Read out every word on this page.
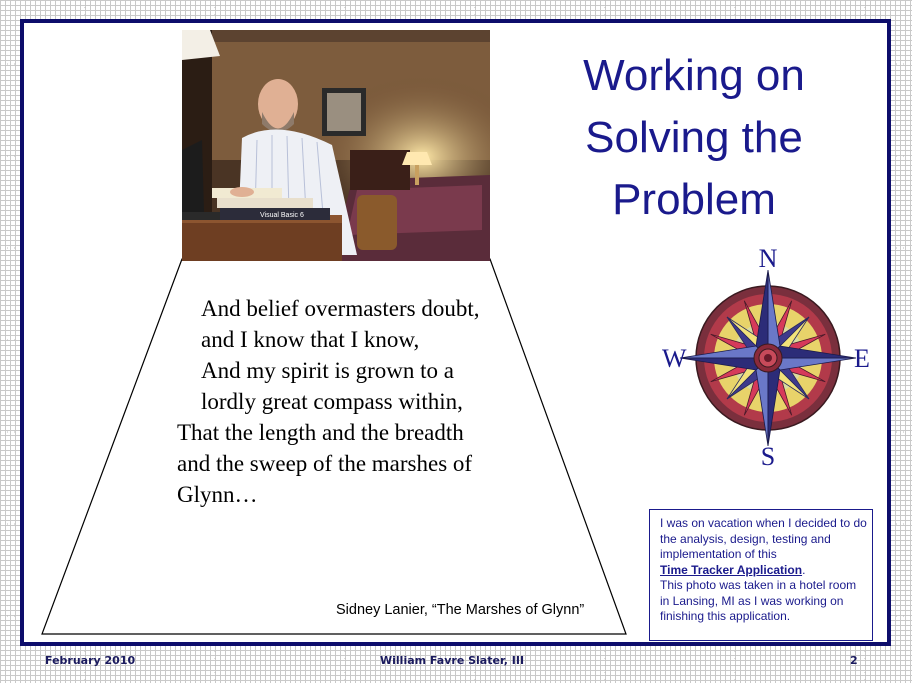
Visual Basic 6
Working on
Solving the
Problem
And belief overmasters doubt, and I know that I know,
And my spirit is grown to a lordly great compass within,
That the length and the breadth and the sweep of the marshes of Glynn…
Sidney Lanier, “The Marshes of Glynn”
N
S
E
W
I was on vacation when I decided to do the analysis, design, testing and implementation of this
Time Tracker Application.
This photo was taken in a hotel room in Lansing, MI as I was working on finishing this application.
February 2010	William Favre Slater, III	2
